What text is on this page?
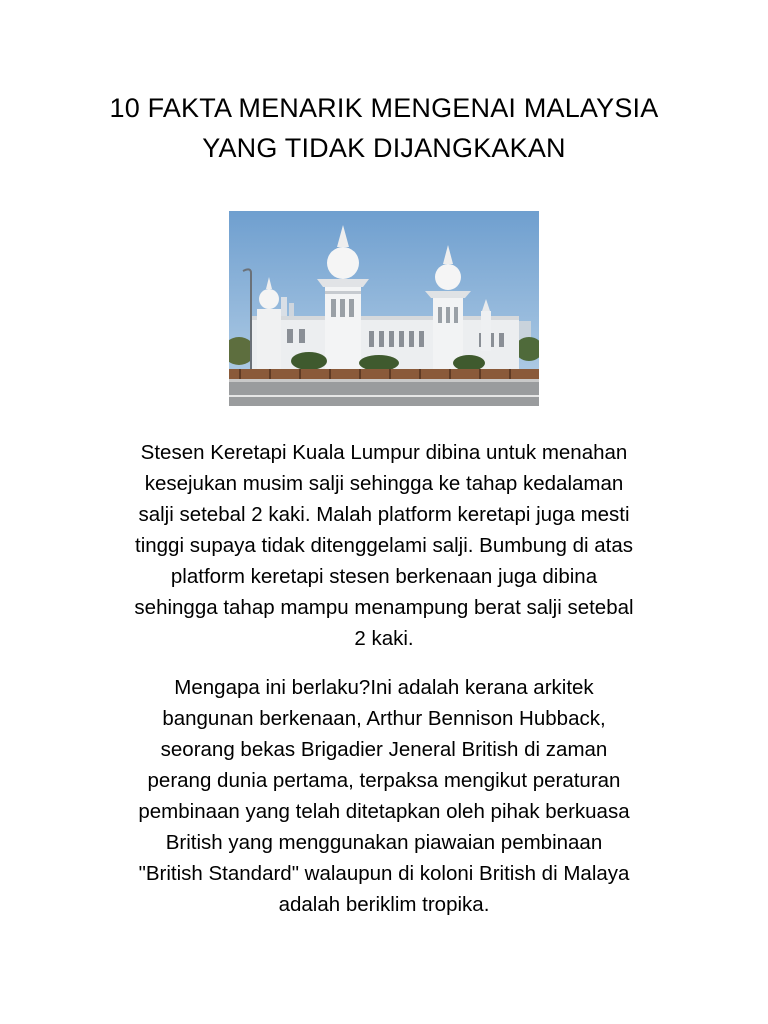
10 FAKTA MENARIK MENGENAI MALAYSIA
YANG TIDAK DIJANGKAKAN
Stesen Keretapi Kuala Lumpur dibina untuk menahan
kesejukan musim salji sehingga ke tahap kedalaman
salji setebal 2 kaki. Malah platform keretapi juga mesti
tinggi supaya tidak ditenggelami salji. Bumbung di atas
platform keretapi stesen berkenaan juga dibina
sehingga tahap mampu menampung berat salji setebal
2 kaki.
Mengapa ini berlaku?Ini adalah kerana arkitek
bangunan berkenaan, Arthur Bennison Hubback,
seorang bekas Brigadier Jeneral British di zaman
perang dunia pertama, terpaksa mengikut peraturan
pembinaan yang telah ditetapkan oleh pihak berkuasa
British yang menggunakan piawaian pembinaan
"British Standard" walaupun di koloni British di Malaya
adalah beriklim tropika.
